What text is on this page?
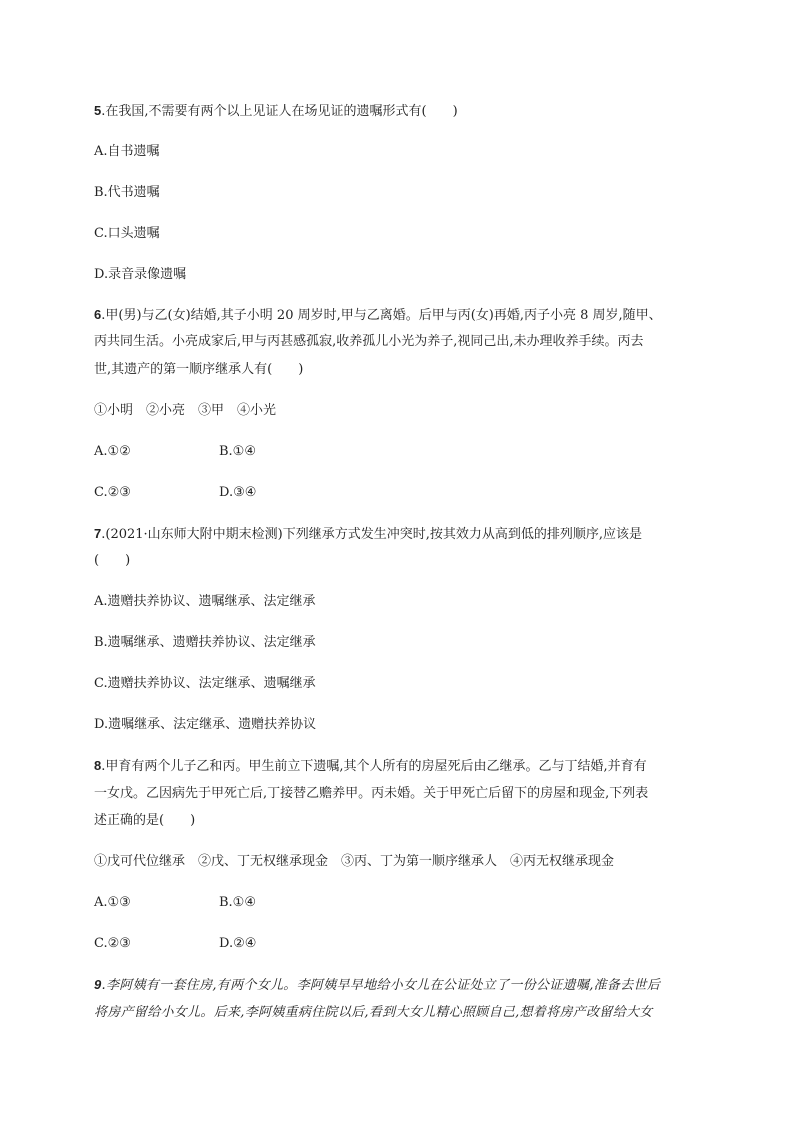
5.在我国,不需要有两个以上见证人在场见证的遗嘱形式有(　　)
A.自书遗嘱
B.代书遗嘱
C.口头遗嘱
D.录音录像遗嘱
6.甲(男)与乙(女)结婚,其子小明 20 周岁时,甲与乙离婚。后甲与丙(女)再婚,丙子小亮 8 周岁,随甲、
丙共同生活。小亮成家后,甲与丙甚感孤寂,收养孤儿小光为养子,视同己出,未办理收养手续。丙去
世,其遗产的第一顺序继承人有(　　)
①小明　②小亮　③甲　④小光
A.①②	B.①④
C.②③	D.③④
7.(2021·山东师大附中期末检测)下列继承方式发生冲突时,按其效力从高到低的排列顺序,应该是
(　　)
A.遗赠扶养协议、遗嘱继承、法定继承
B.遗嘱继承、遗赠扶养协议、法定继承
C.遗赠扶养协议、法定继承、遗嘱继承
D.遗嘱继承、法定继承、遗赠扶养协议
8.甲育有两个儿子乙和丙。甲生前立下遗嘱,其个人所有的房屋死后由乙继承。乙与丁结婚,并育有
一女戊。乙因病先于甲死亡后,丁接替乙赡养甲。丙未婚。关于甲死亡后留下的房屋和现金,下列表
述正确的是(　　)
①戊可代位继承　②戊、丁无权继承现金　③丙、丁为第一顺序继承人　④丙无权继承现金
A.①③	B.①④
C.②③	D.②④
9.李阿姨有一套住房,有两个女儿。李阿姨早早地给小女儿在公证处立了一份公证遗嘱,准备去世后
将房产留给小女儿。后来,李阿姨重病住院以后,看到大女儿精心照顾自己,想着将房产改留给大女
